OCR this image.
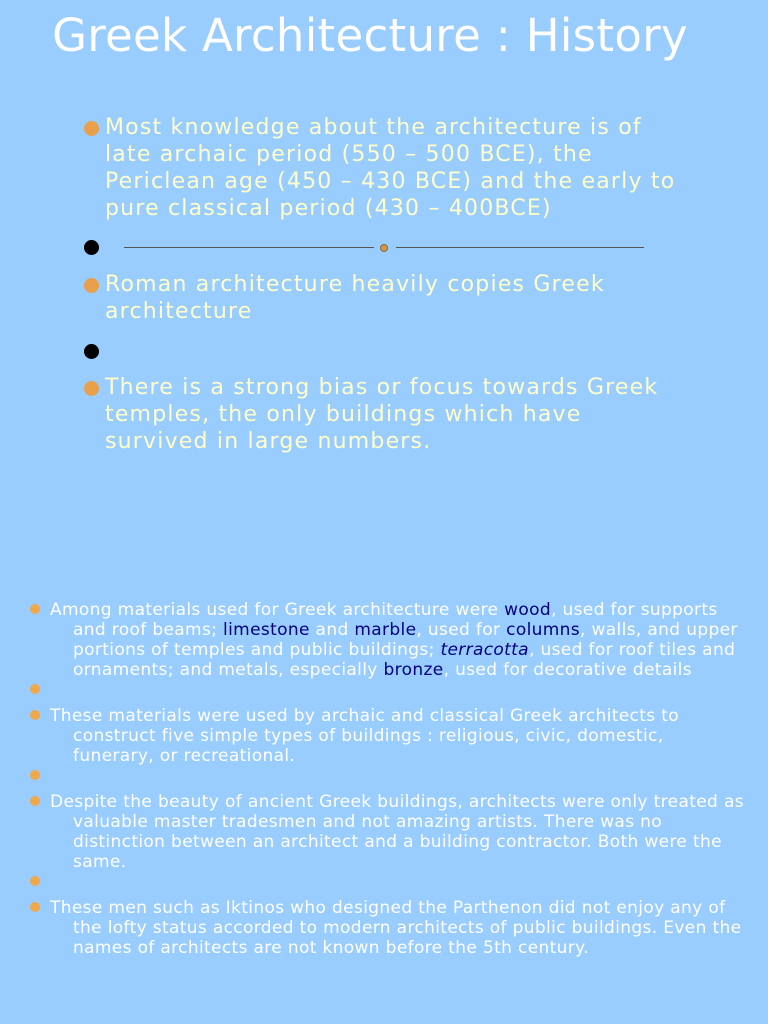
Greek Architecture : History
Most knowledge about the architecture is of late archaic period (550 – 500 BCE), the Periclean age (450 – 430 BCE) and the early to pure classical period (430 – 400BCE)
Roman architecture heavily copies Greek architecture
There is a strong bias or focus towards Greek temples, the only buildings which have survived in large numbers.
Among materials used for Greek architecture were wood, used for supports and roof beams; limestone and marble, used for columns, walls, and upper portions of temples and public buildings; terracotta, used for roof tiles and ornaments; and metals, especially bronze, used for decorative details
These materials were used by archaic and classical Greek architects to construct five simple types of buildings : religious, civic, domestic, funerary, or recreational.
Despite the beauty of ancient Greek buildings, architects were only treated as valuable master tradesmen and not amazing artists. There was no distinction between an architect and a building contractor. Both were the same.
These men such as Iktinos who designed the Parthenon did not enjoy any of the lofty status accorded to modern architects of public buildings. Even the names of architects are not known before the 5th century.
